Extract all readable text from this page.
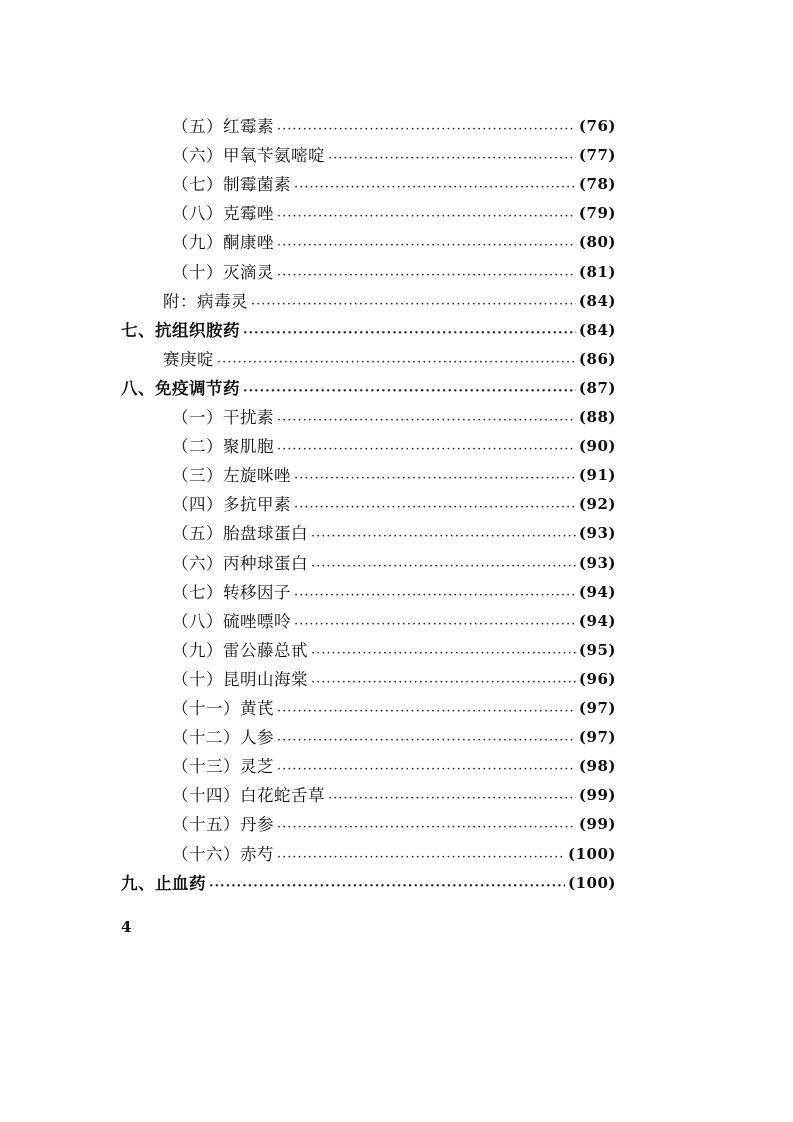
（五）红霉素 ·····	(76)
（六）甲氧苄氨嘧啶 ·····	(77)
（七）制霉菌素 ·····	(78)
（八）克霉唑 ·····	(79)
（九）酮康唑 ·····	(80)
（十）灭滴灵 ·····	(81)
附：病毒灵 ·····	(84)
七、抗组织胺药 ·····	(84)
赛庚啶 ·····	(86)
八、免疫调节药 ·····	(87)
（一）干扰素 ·····	(88)
（二）聚肌胞 ·····	(90)
（三）左旋咪唑 ·····	(91)
（四）多抗甲素 ·····	(92)
（五）胎盘球蛋白 ·····	(93)
（六）丙种球蛋白 ·····	(93)
（七）转移因子 ·····	(94)
（八）硫唑嘌呤 ·····	(94)
（九）雷公藤总甙 ·····	(95)
（十）昆明山海棠 ·····	(96)
（十一）黄芪 ·····	(97)
（十二）人参 ·····	(97)
（十三）灵芝 ·····	(98)
（十四）白花蛇舌草 ·····	(99)
（十五）丹参 ·····	(99)
（十六）赤芍 ·····	(100)
九、止血药 ·····	(100)
4
